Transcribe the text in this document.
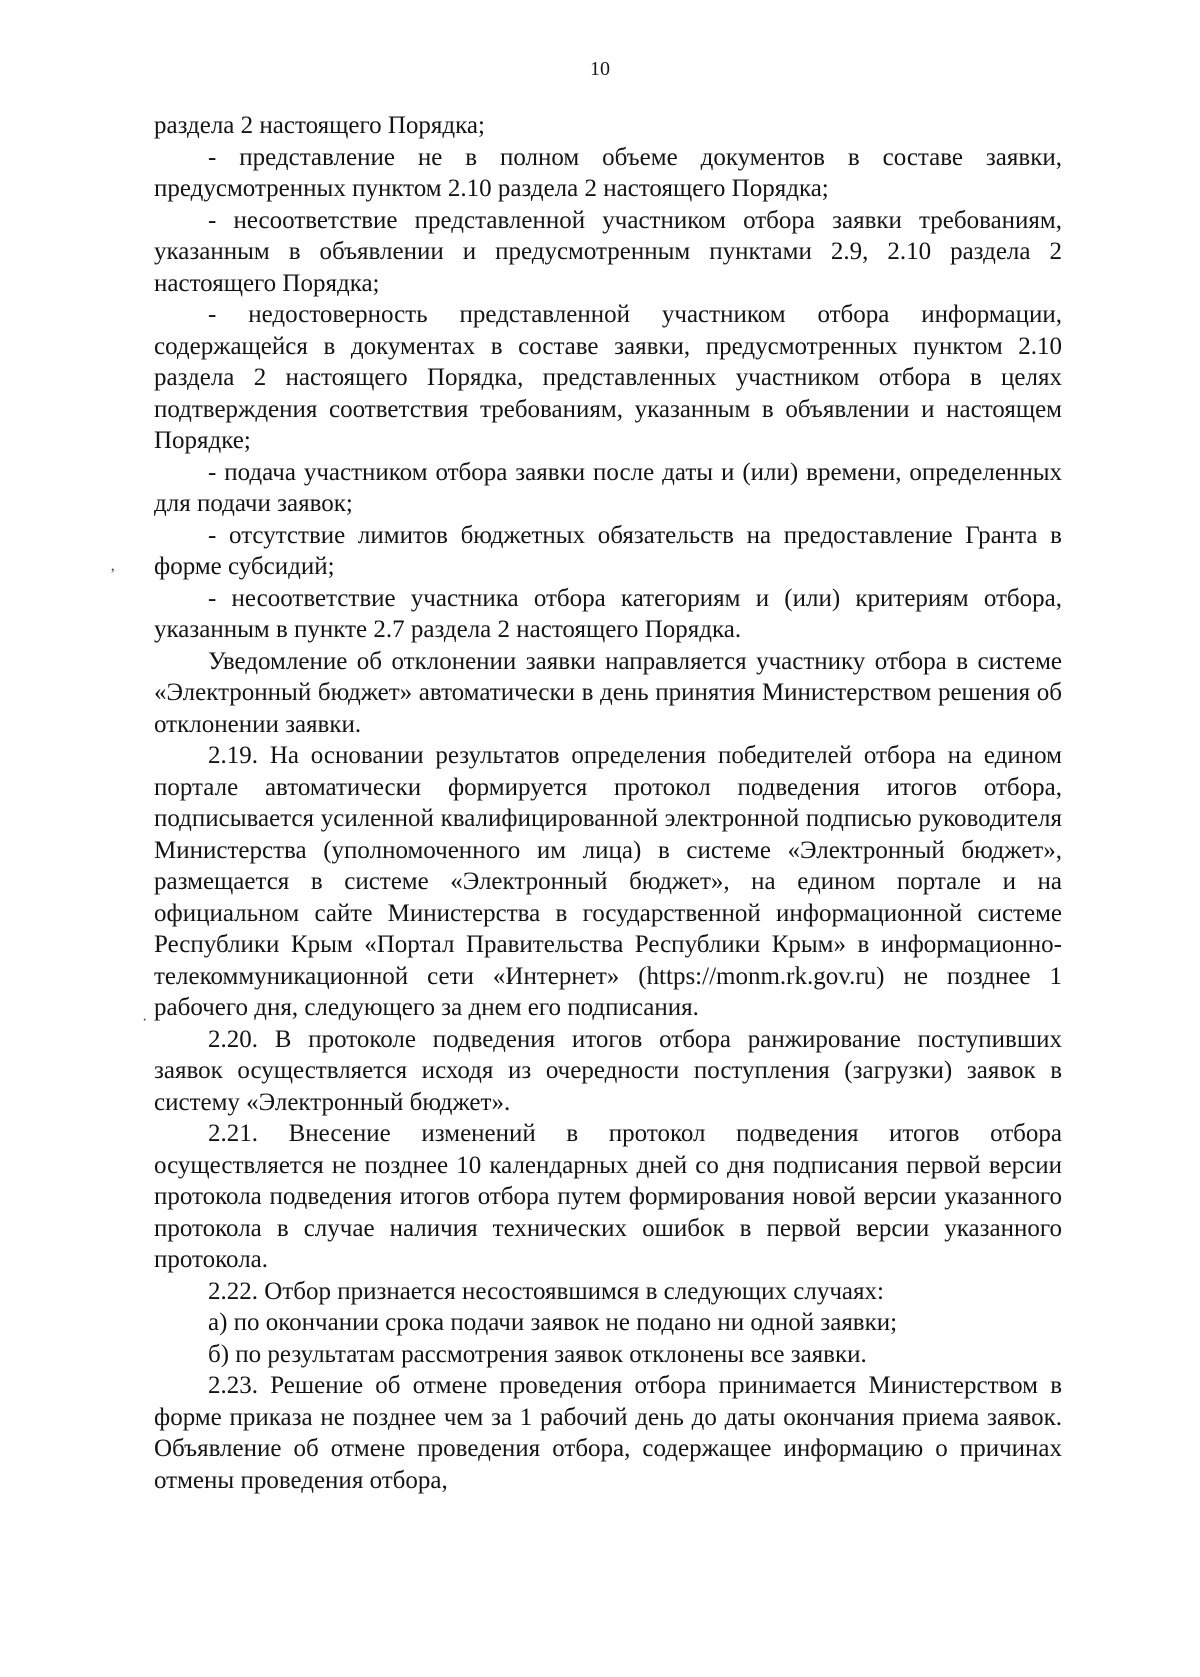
10

раздела 2 настоящего Порядка;

- представление не в полном объеме документов в составе заявки, предусмотренных пунктом 2.10 раздела 2 настоящего Порядка;

- несоответствие представленной участником отбора заявки требованиям, указанным в объявлении и предусмотренным пунктами 2.9, 2.10 раздела 2 настоящего Порядка;

- недостоверность представленной участником отбора информации, содержащейся в документах в составе заявки, предусмотренных пунктом 2.10 раздела 2 настоящего Порядка, представленных участником отбора в целях подтверждения соответствия требованиям, указанным в объявлении и настоящем Порядке;

- подача участником отбора заявки после даты и (или) времени, определенных для подачи заявок;

- отсутствие лимитов бюджетных обязательств на предоставление Гранта в форме субсидий;

- несоответствие участника отбора категориям и (или) критериям отбора, указанным в пункте 2.7 раздела 2 настоящего Порядка.

Уведомление об отклонении заявки направляется участнику отбора в системе «Электронный бюджет» автоматически в день принятия Министерством решения об отклонении заявки.

2.19. На основании результатов определения победителей отбора на едином портале автоматически формируется протокол подведения итогов отбора, подписывается усиленной квалифицированной электронной подписью руководителя Министерства (уполномоченного им лица) в системе «Электронный бюджет», размещается в системе «Электронный бюджет», на едином портале и на официальном сайте Министерства в государственной информационной системе Республики Крым «Портал Правительства Республики Крым» в информационно-телекоммуникационной сети «Интернет» (https://monm.rk.gov.ru) не позднее 1 рабочего дня, следующего за днем его подписания.

2.20. В протоколе подведения итогов отбора ранжирование поступивших заявок осуществляется исходя из очередности поступления (загрузки) заявок в систему «Электронный бюджет».

2.21. Внесение изменений в протокол подведения итогов отбора осуществляется не позднее 10 календарных дней со дня подписания первой версии протокола подведения итогов отбора путем формирования новой версии указанного протокола в случае наличия технических ошибок в первой версии указанного протокола.

2.22. Отбор признается несостоявшимся в следующих случаях:

а) по окончании срока подачи заявок не подано ни одной заявки;

б) по результатам рассмотрения заявок отклонены все заявки.

2.23. Решение об отмене проведения отбора принимается Министерством в форме приказа не позднее чем за 1 рабочий день до даты окончания приема заявок. Объявление об отмене проведения отбора, содержащее информацию о причинах отмены проведения отбора,

ʼ
·
